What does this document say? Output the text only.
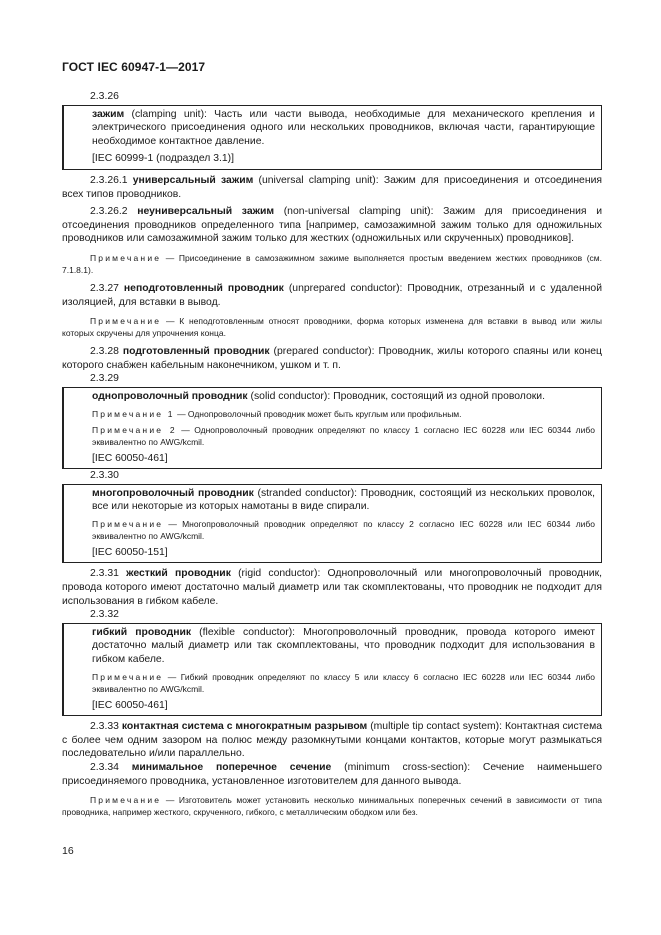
ГОСТ IEC 60947-1—2017

2.3.26

зажим (clamping unit): Часть или части вывода, необходимые для механического крепления и электрического присоединения одного или нескольких проводников, включая части, гарантирующие необходимое контактное давление.

[IEC 60999-1 (подраздел 3.1)]

2.3.26.1 универсальный зажим (universal clamping unit): Зажим для присоединения и отсоединения всех типов проводников.

2.3.26.2 неуниверсальный зажим (non-universal clamping unit): Зажим для присоединения и отсоединения проводников определенного типа [например, самозажимной зажим только для одножильных проводников или самозажимной зажим только для жестких (одножильных или скрученных) проводников].

Примечание — Присоединение в самозажимном зажиме выполняется простым введением жестких проводников (см. 7.1.8.1).

2.3.27 неподготовленный проводник (unprepared conductor): Проводник, отрезанный и с удаленной изоляцией, для вставки в вывод.

Примечание — К неподготовленным относят проводники, форма которых изменена для вставки в вывод или жилы которых скручены для упрочнения конца.

2.3.28 подготовленный проводник (prepared conductor): Проводник, жилы которого спаяны или конец которого снабжен кабельным наконечником, ушком и т. п.

2.3.29

однопроволочный проводник (solid conductor): Проводник, состоящий из одной проволоки.

Примечание 1 — Однопроволочный проводник может быть круглым или профильным.

Примечание 2 — Однопроволочный проводник определяют по классу 1 согласно IEC 60228 или IEC 60344 либо эквивалентно по AWG/kcmil.

[IEC 60050-461]

2.3.30

многопроволочный проводник (stranded conductor): Проводник, состоящий из нескольких проволок, все или некоторые из которых намотаны в виде спирали.

Примечание — Многопроволочный проводник определяют по классу 2 согласно IEC 60228 или IEC 60344 либо эквивалентно по AWG/kcmil.

[IEC 60050-151]

2.3.31 жесткий проводник (rigid conductor): Однопроволочный или многопроволочный проводник, провода которого имеют достаточно малый диаметр или так скомплектованы, что проводник не подходит для использования в гибком кабеле.

2.3.32

гибкий проводник (flexible conductor): Многопроволочный проводник, провода которого имеют достаточно малый диаметр или так скомплектованы, что проводник подходит для использования в гибком кабеле.

Примечание — Гибкий проводник определяют по классу 5 или классу 6 согласно IEC 60228 или IEC 60344 либо эквивалентно по AWG/kcmil.

[IEC 60050-461]

2.3.33 контактная система с многократным разрывом (multiple tip contact system): Контактная система с более чем одним зазором на полюс между разомкнутыми концами контактов, которые могут размыкаться последовательно и/или параллельно.

2.3.34 минимальное поперечное сечение (minimum cross-section): Сечение наименьшего присоединяемого проводника, установленное изготовителем для данного вывода.

Примечание — Изготовитель может установить несколько минимальных поперечных сечений в зависимости от типа проводника, например жесткого, скрученного, гибкого, с металлическим ободком или без.

16
